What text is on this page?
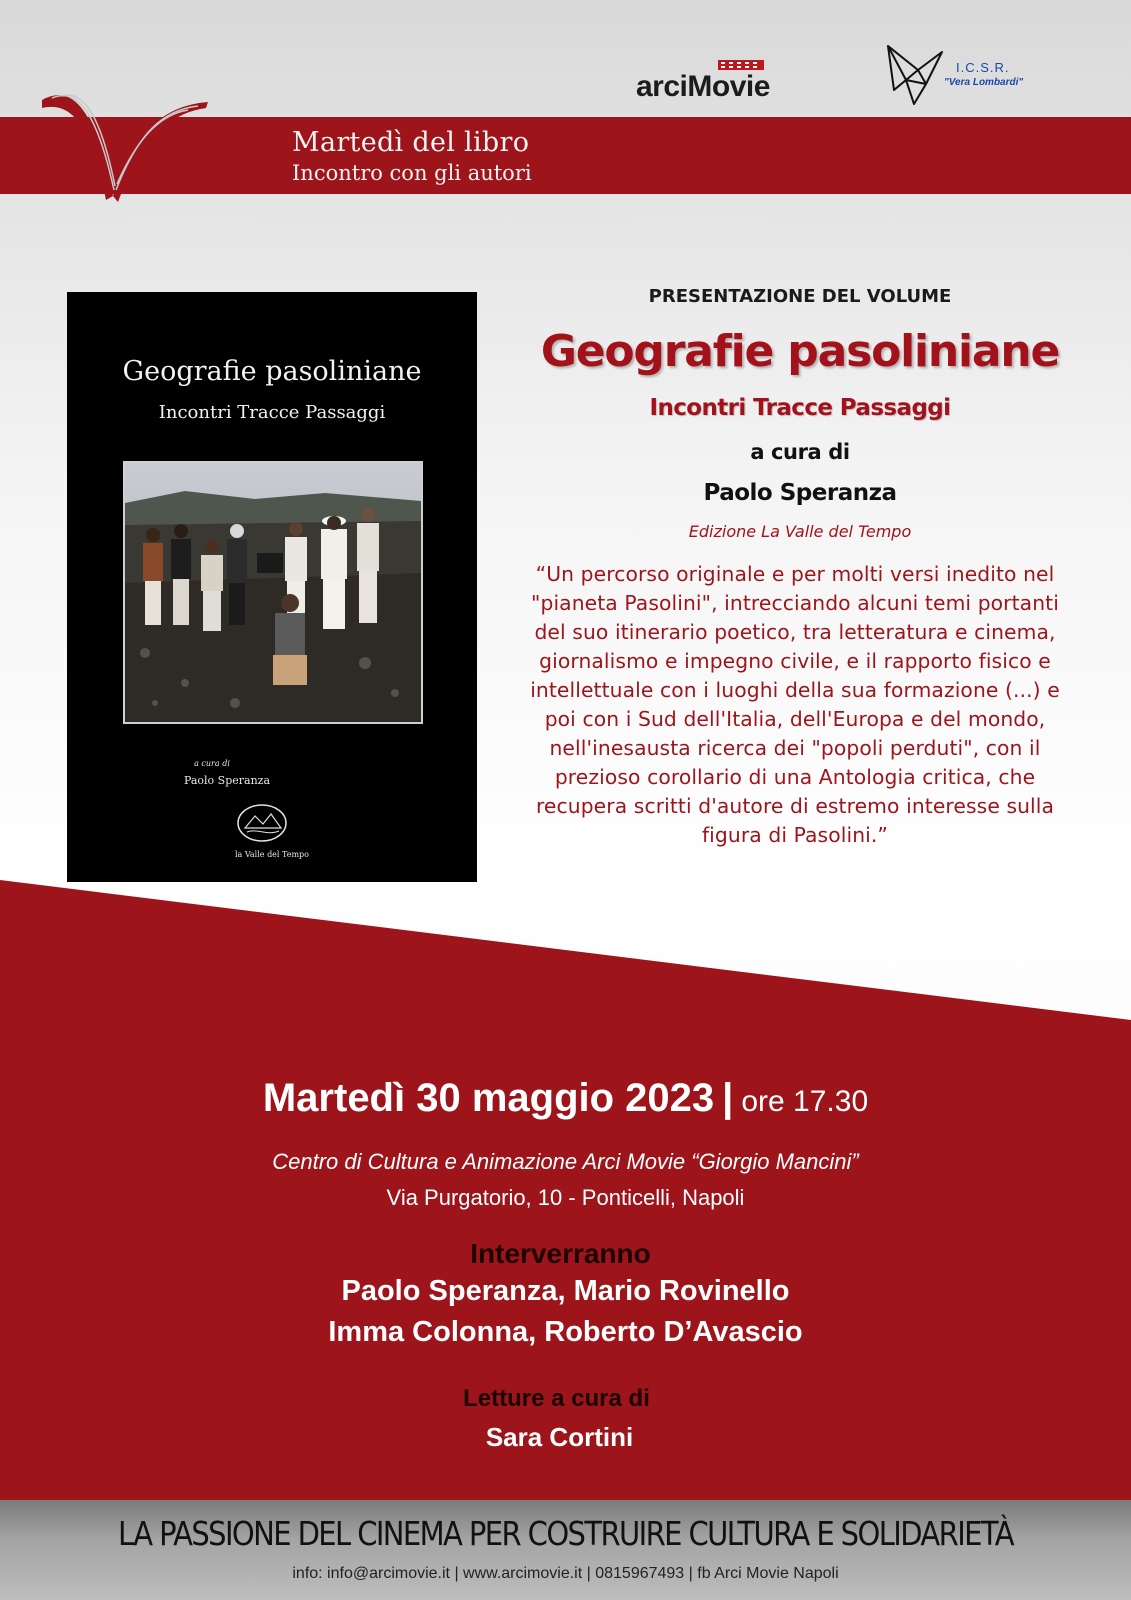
Martedì del libro
Incontro con gli autori
arciMovie
I.C.S.R.
"Vera Lombardi"
Geografie pasoliniane
Incontri Tracce Passaggi
a cura di
Paolo Speranza
la Valle del Tempo
PRESENTAZIONE DEL VOLUME
Geografie pasoliniane
Incontri Tracce Passaggi
a cura di
Paolo Speranza
Edizione La Valle del Tempo
“Un percorso originale e per molti versi inedito nel "pianeta Pasolini", intrecciando alcuni temi portanti del suo itinerario poetico, tra letteratura e cinema, giornalismo e impegno civile, e il rapporto fisico e intellettuale con i luoghi della sua formazione (...) e poi con i Sud dell'Italia, dell'Europa e del mondo, nell'inesausta ricerca dei "popoli perduti", con il prezioso corollario di una Antologia critica, che recupera scritti d'autore di estremo interesse sulla figura di Pasolini.”
Martedì 30 maggio 2023 | ore 17.30
Centro di Cultura e Animazione Arci Movie “Giorgio Mancini”
Via Purgatorio, 10 - Ponticelli, Napoli
Interverranno
Paolo Speranza, Mario Rovinello
Imma Colonna, Roberto D’Avascio
Letture a cura di
Sara Cortini
LA PASSIONE DEL CINEMA PER COSTRUIRE CULTURA E SOLIDARIETÀ
info: info@arcimovie.it | www.arcimovie.it | 0815967493 | fb Arci Movie Napoli
